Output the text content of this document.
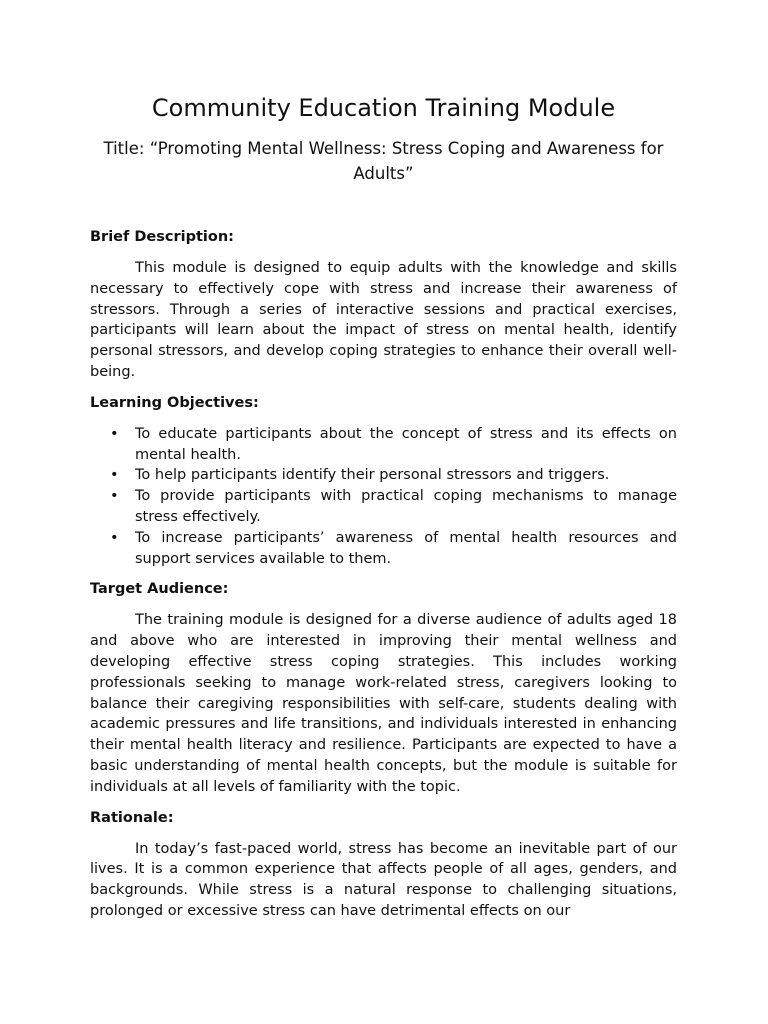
Community Education Training Module
Title: “Promoting Mental Wellness: Stress Coping and Awareness for Adults”

Brief Description:

This module is designed to equip adults with the knowledge and skills necessary to effectively cope with stress and increase their awareness of stressors. Through a series of interactive sessions and practical exercises, participants will learn about the impact of stress on mental health, identify personal stressors, and develop coping strategies to enhance their overall well-being.

Learning Objectives:

• To educate participants about the concept of stress and its effects on mental health.
• To help participants identify their personal stressors and triggers.
• To provide participants with practical coping mechanisms to manage stress effectively.
• To increase participants’ awareness of mental health resources and support services available to them.

Target Audience:

The training module is designed for a diverse audience of adults aged 18 and above who are interested in improving their mental wellness and developing effective stress coping strategies. This includes working professionals seeking to manage work-related stress, caregivers looking to balance their caregiving responsibilities with self-care, students dealing with academic pressures and life transitions, and individuals interested in enhancing their mental health literacy and resilience. Participants are expected to have a basic understanding of mental health concepts, but the module is suitable for individuals at all levels of familiarity with the topic.

Rationale:

In today’s fast-paced world, stress has become an inevitable part of our lives. It is a common experience that affects people of all ages, genders, and backgrounds. While stress is a natural response to challenging situations, prolonged or excessive stress can have detrimental effects on our
